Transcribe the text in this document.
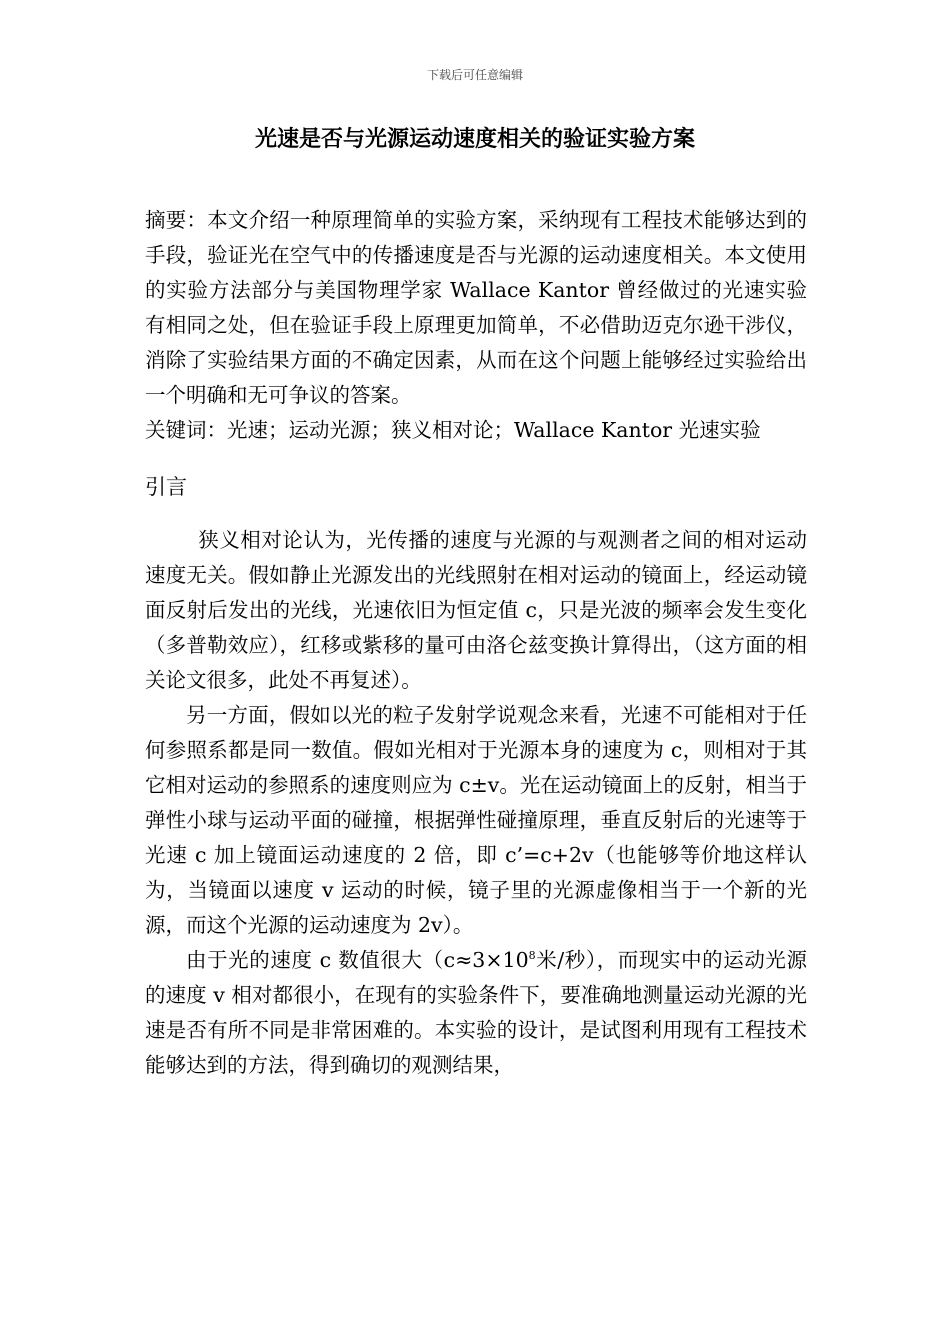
下载后可任意编辑
光速是否与光源运动速度相关的验证实验方案

摘要：本文介绍一种原理简单的实验方案，采纳现有工程技术能够达到的手段，验证光在空气中的传播速度是否与光源的运动速度相关。本文使用的实验方法部分与美国物理学家 Wallace Kantor 曾经做过的光速实验有相同之处，但在验证手段上原理更加简单，不必借助迈克尔逊干涉仪，消除了实验结果方面的不确定因素，从而在这个问题上能够经过实验给出一个明确和无可争议的答案。

关键词：光速；运动光源；狭义相对论；Wallace Kantor 光速实验

引言

狭义相对论认为，光传播的速度与光源的与观测者之间的相对运动速度无关。假如静止光源发出的光线照射在相对运动的镜面上，经运动镜面反射后发出的光线，光速依旧为恒定值 c，只是光波的频率会发生变化（多普勒效应），红移或紫移的量可由洛仑兹变换计算得出，（这方面的相关论文很多，此处不再复述）。

另一方面，假如以光的粒子发射学说观念来看，光速不可能相对于任何参照系都是同一数值。假如光相对于光源本身的速度为 c，则相对于其它相对运动的参照系的速度则应为 c±v。光在运动镜面上的反射，相当于弹性小球与运动平面的碰撞，根据弹性碰撞原理，垂直反射后的光速等于光速 c 加上镜面运动速度的 2 倍，即 c’=c+2v（也能够等价地这样认为，当镜面以速度 v 运动的时候，镜子里的光源虚像相当于一个新的光源，而这个光源的运动速度为 2v）。

由于光的速度 c 数值很大（$c\approx 3\times 10^8$米/秒），而现实中的运动光源的速度 v 相对都很小，在现有的实验条件下，要准确地测量运动光源的光速是否有所不同是非常困难的。本实验的设计，是试图利用现有工程技术能够达到的方法，得到确切的观测结果，
